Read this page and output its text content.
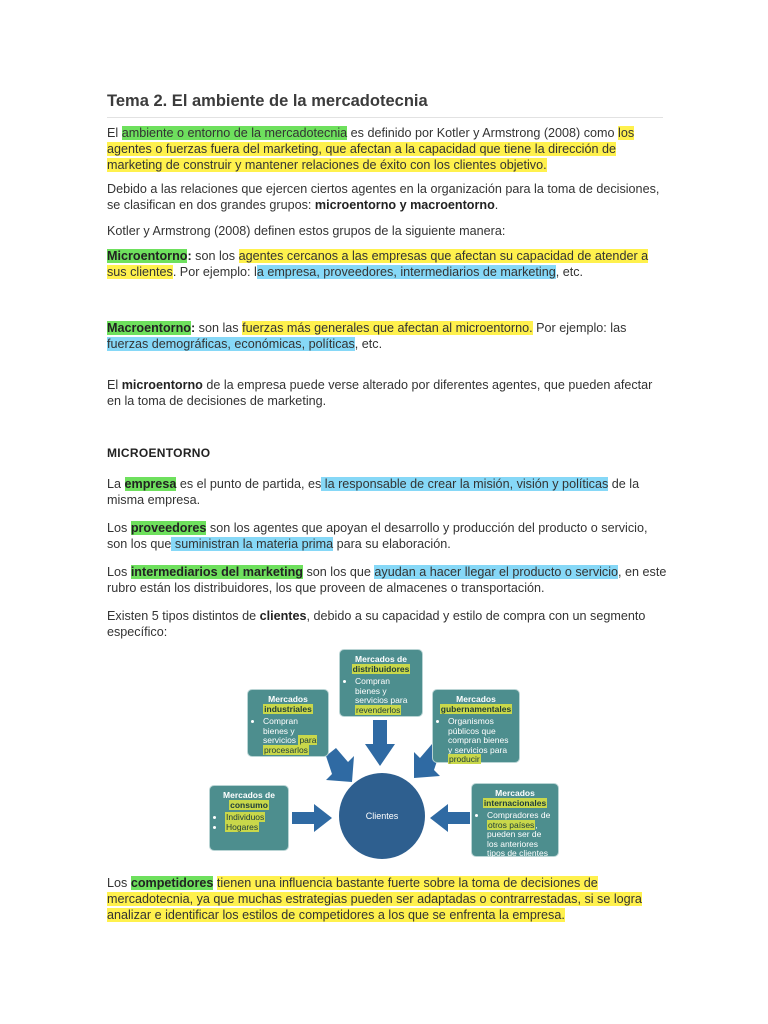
Tema 2. El ambiente de la mercadotecnia

El ambiente o entorno de la mercadotecnia es definido por Kotler y Armstrong (2008) como los agentes o fuerzas fuera del marketing, que afectan a la capacidad que tiene la dirección de marketing de construir y mantener relaciones de éxito con los clientes objetivo.

Debido a las relaciones que ejercen ciertos agentes en la organización para la toma de decisiones, se clasifican en dos grandes grupos: microentorno y macroentorno.

Kotler y Armstrong (2008) definen estos grupos de la siguiente manera:

Microentorno: son los agentes cercanos a las empresas que afectan su capacidad de atender a sus clientes. Por ejemplo: la empresa, proveedores, intermediarios de marketing, etc.

Macroentorno: son las fuerzas más generales que afectan al microentorno. Por ejemplo: las fuerzas demográficas, económicas, políticas, etc.

El microentorno de la empresa puede verse alterado por diferentes agentes, que pueden afectar en la toma de decisiones de marketing.

MICROENTORNO

La empresa es el punto de partida, es la responsable de crear la misión, visión y políticas de la misma empresa.

Los proveedores son los agentes que apoyan el desarrollo y producción del producto o servicio, son los que suministran la materia prima para su elaboración.

Los intermediarios del marketing son los que ayudan a hacer llegar el producto o servicio, en este rubro están los distribuidores, los que proveen de almacenes o transportación.

Existen 5 tipos distintos de clientes, debido a su capacidad y estilo de compra con un segmento específico:

Los competidores tienen una influencia bastante fuerte sobre la toma de decisiones de mercadotecnia, ya que muchas estrategias pueden ser adaptadas o contrarrestadas, si se logra analizar e identificar los estilos de competidores a los que se enfrenta la empresa.

Mercados de
distribuidores
• Compran bienes y servicios para revenderlos
Mercados
industriales
• Compran bienes y servicios para procesarlos
Mercados
gubernamentales
• Organismos públicos que compran bienes y servicios para producir
Mercados de
consumo
• Individuos
• Hogares
Mercados
internacionales
• Compradores de otros países, pueden ser de los anteriores tipos de clientes
Clientes
